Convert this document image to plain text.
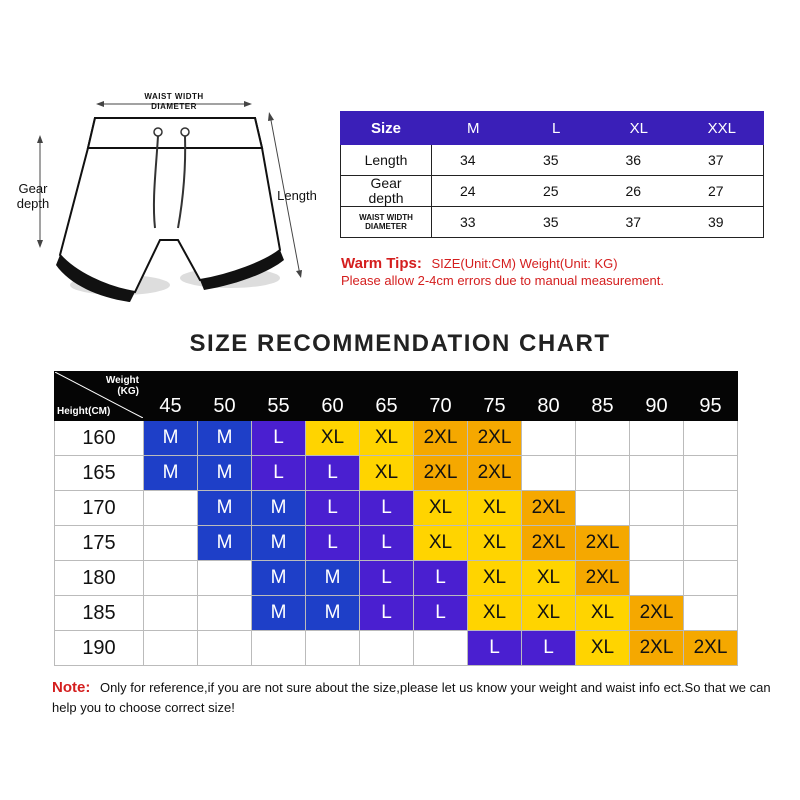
WAIST WIDTH
DIAMETER
Gear
depth
Length
Size	M	L	XL	XXL
Length	34	35	36	37

Gear
depth	24	25	26	27

WAIST WIDTH
DIAMETER	33	35	37	39
Warm Tips: SIZE(Unit:CM) Weight(Unit: KG)
Please allow 2-4cm errors due to manual measurement.
SIZE RECOMMENDATION CHART
Weight
(KG)
Height(CM)	45	50	55	60	65	70	75	80	85	90	95
160	M	M	L	XL	XL	2XL	2XL				
165	M	M	L	L	XL	2XL	2XL				
170		M	M	L	L	XL	XL	2XL			
175		M	M	L	L	XL	XL	2XL	2XL		
180			M	M	L	L	XL	XL	2XL		
185			M	M	L	L	XL	XL	XL	2XL	
190							L	L	XL	2XL	2XL
Note: Only for reference,if you are not sure about the size,please let us know your weight and waist info ect.So that we can help you to choose correct size!
